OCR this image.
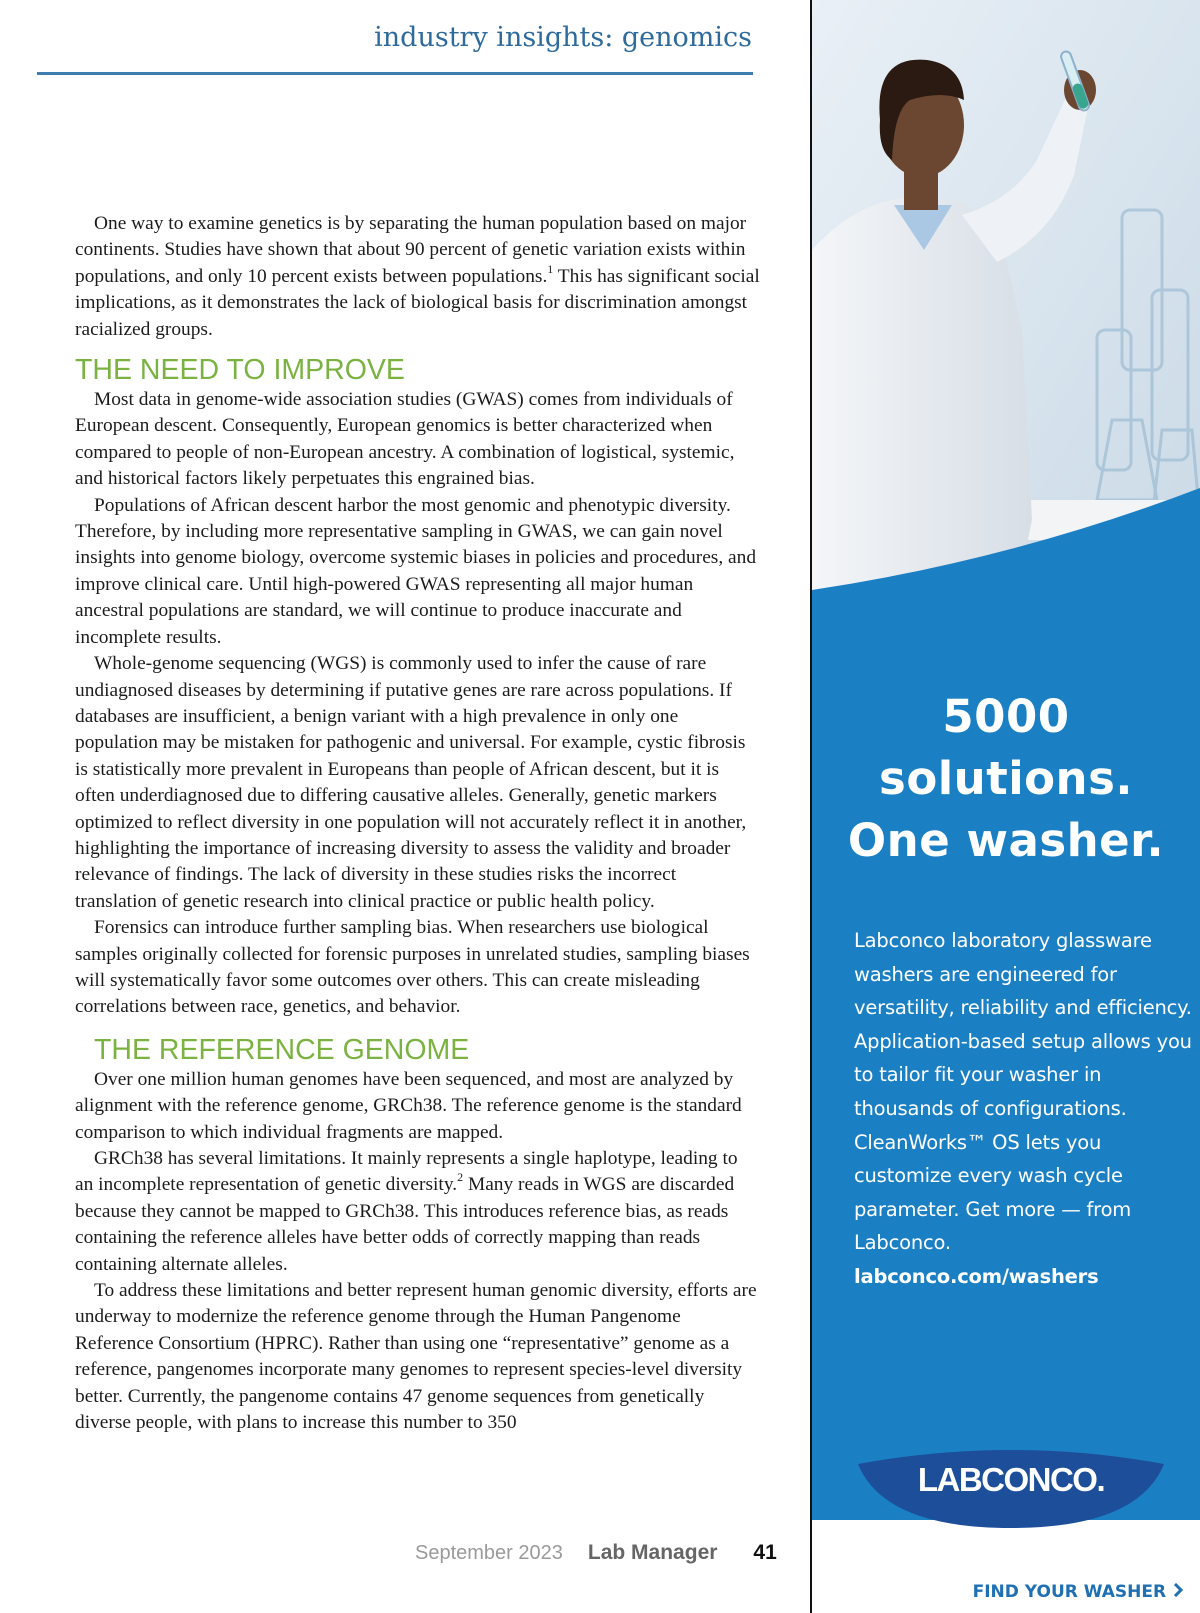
industry insights: genomics

One way to examine genetics is by separating the human population based on major continents. Studies have shown that about 90 percent of genetic variation exists within populations, and only 10 percent exists between populations.$^1$ This has significant social implications, as it demonstrates the lack of biological basis for discrimination amongst racialized groups.

THE NEED TO IMPROVE

Most data in genome-wide association studies (GWAS) comes from individuals of European descent. Consequently, European genomics is better characterized when compared to people of non-European ancestry. A combination of logistical, systemic, and historical factors likely perpetuates this engrained bias.

Populations of African descent harbor the most genomic and phenotypic diversity. Therefore, by including more representative sampling in GWAS, we can gain novel insights into genome biology, overcome systemic biases in policies and procedures, and improve clinical care. Until high-powered GWAS representing all major human ancestral populations are standard, we will continue to produce inaccurate and incomplete results.

Whole-genome sequencing (WGS) is commonly used to infer the cause of rare undiagnosed diseases by determining if putative genes are rare across populations. If databases are insufficient, a benign variant with a high prevalence in only one population may be mistaken for pathogenic and universal. For example, cystic fibrosis is statistically more prevalent in Europeans than people of African descent, but it is often underdiagnosed due to differing causative alleles. Generally, genetic markers optimized to reflect diversity in one population will not accurately reflect it in another, highlighting the importance of increasing diversity to assess the validity and broader relevance of findings. The lack of diversity in these studies risks the incorrect translation of genetic research into clinical practice or public health policy.

Forensics can introduce further sampling bias. When researchers use biological samples originally collected for forensic purposes in unrelated studies, sampling biases will systematically favor some outcomes over others. This can create misleading correlations between race, genetics, and behavior.

THE REFERENCE GENOME

Over one million human genomes have been sequenced, and most are analyzed by alignment with the reference genome, GRCh38. The reference genome is the standard comparison to which individual fragments are mapped.

GRCh38 has several limitations. It mainly represents a single haplotype, leading to an incomplete representation of genetic diversity.$^2$ Many reads in WGS are discarded because they cannot be mapped to GRCh38. This introduces reference bias, as reads containing the reference alleles have better odds of correctly mapping than reads containing alternate alleles.

To address these limitations and better represent human genomic diversity, efforts are underway to modernize the reference genome through the Human Pangenome Reference Consortium (HPRC). Rather than using one “representative” genome as a reference, pangenomes incorporate many genomes to represent species-level diversity better. Currently, the pangenome contains 47 genome sequences from genetically diverse people, with plans to increase this number to 350

September 2023 Lab Manager 41
5000
solutions.
One washer.
Labconco laboratory glassware washers are engineered for versatility, reliability and efficiency. Application-based setup allows you to tailor fit your washer in thousands of configurations. CleanWorks™ OS lets you customize every wash cycle parameter. Get more — from Labconco.
labconco.com/washers
LABCONCO.
FIND YOUR WASHER
